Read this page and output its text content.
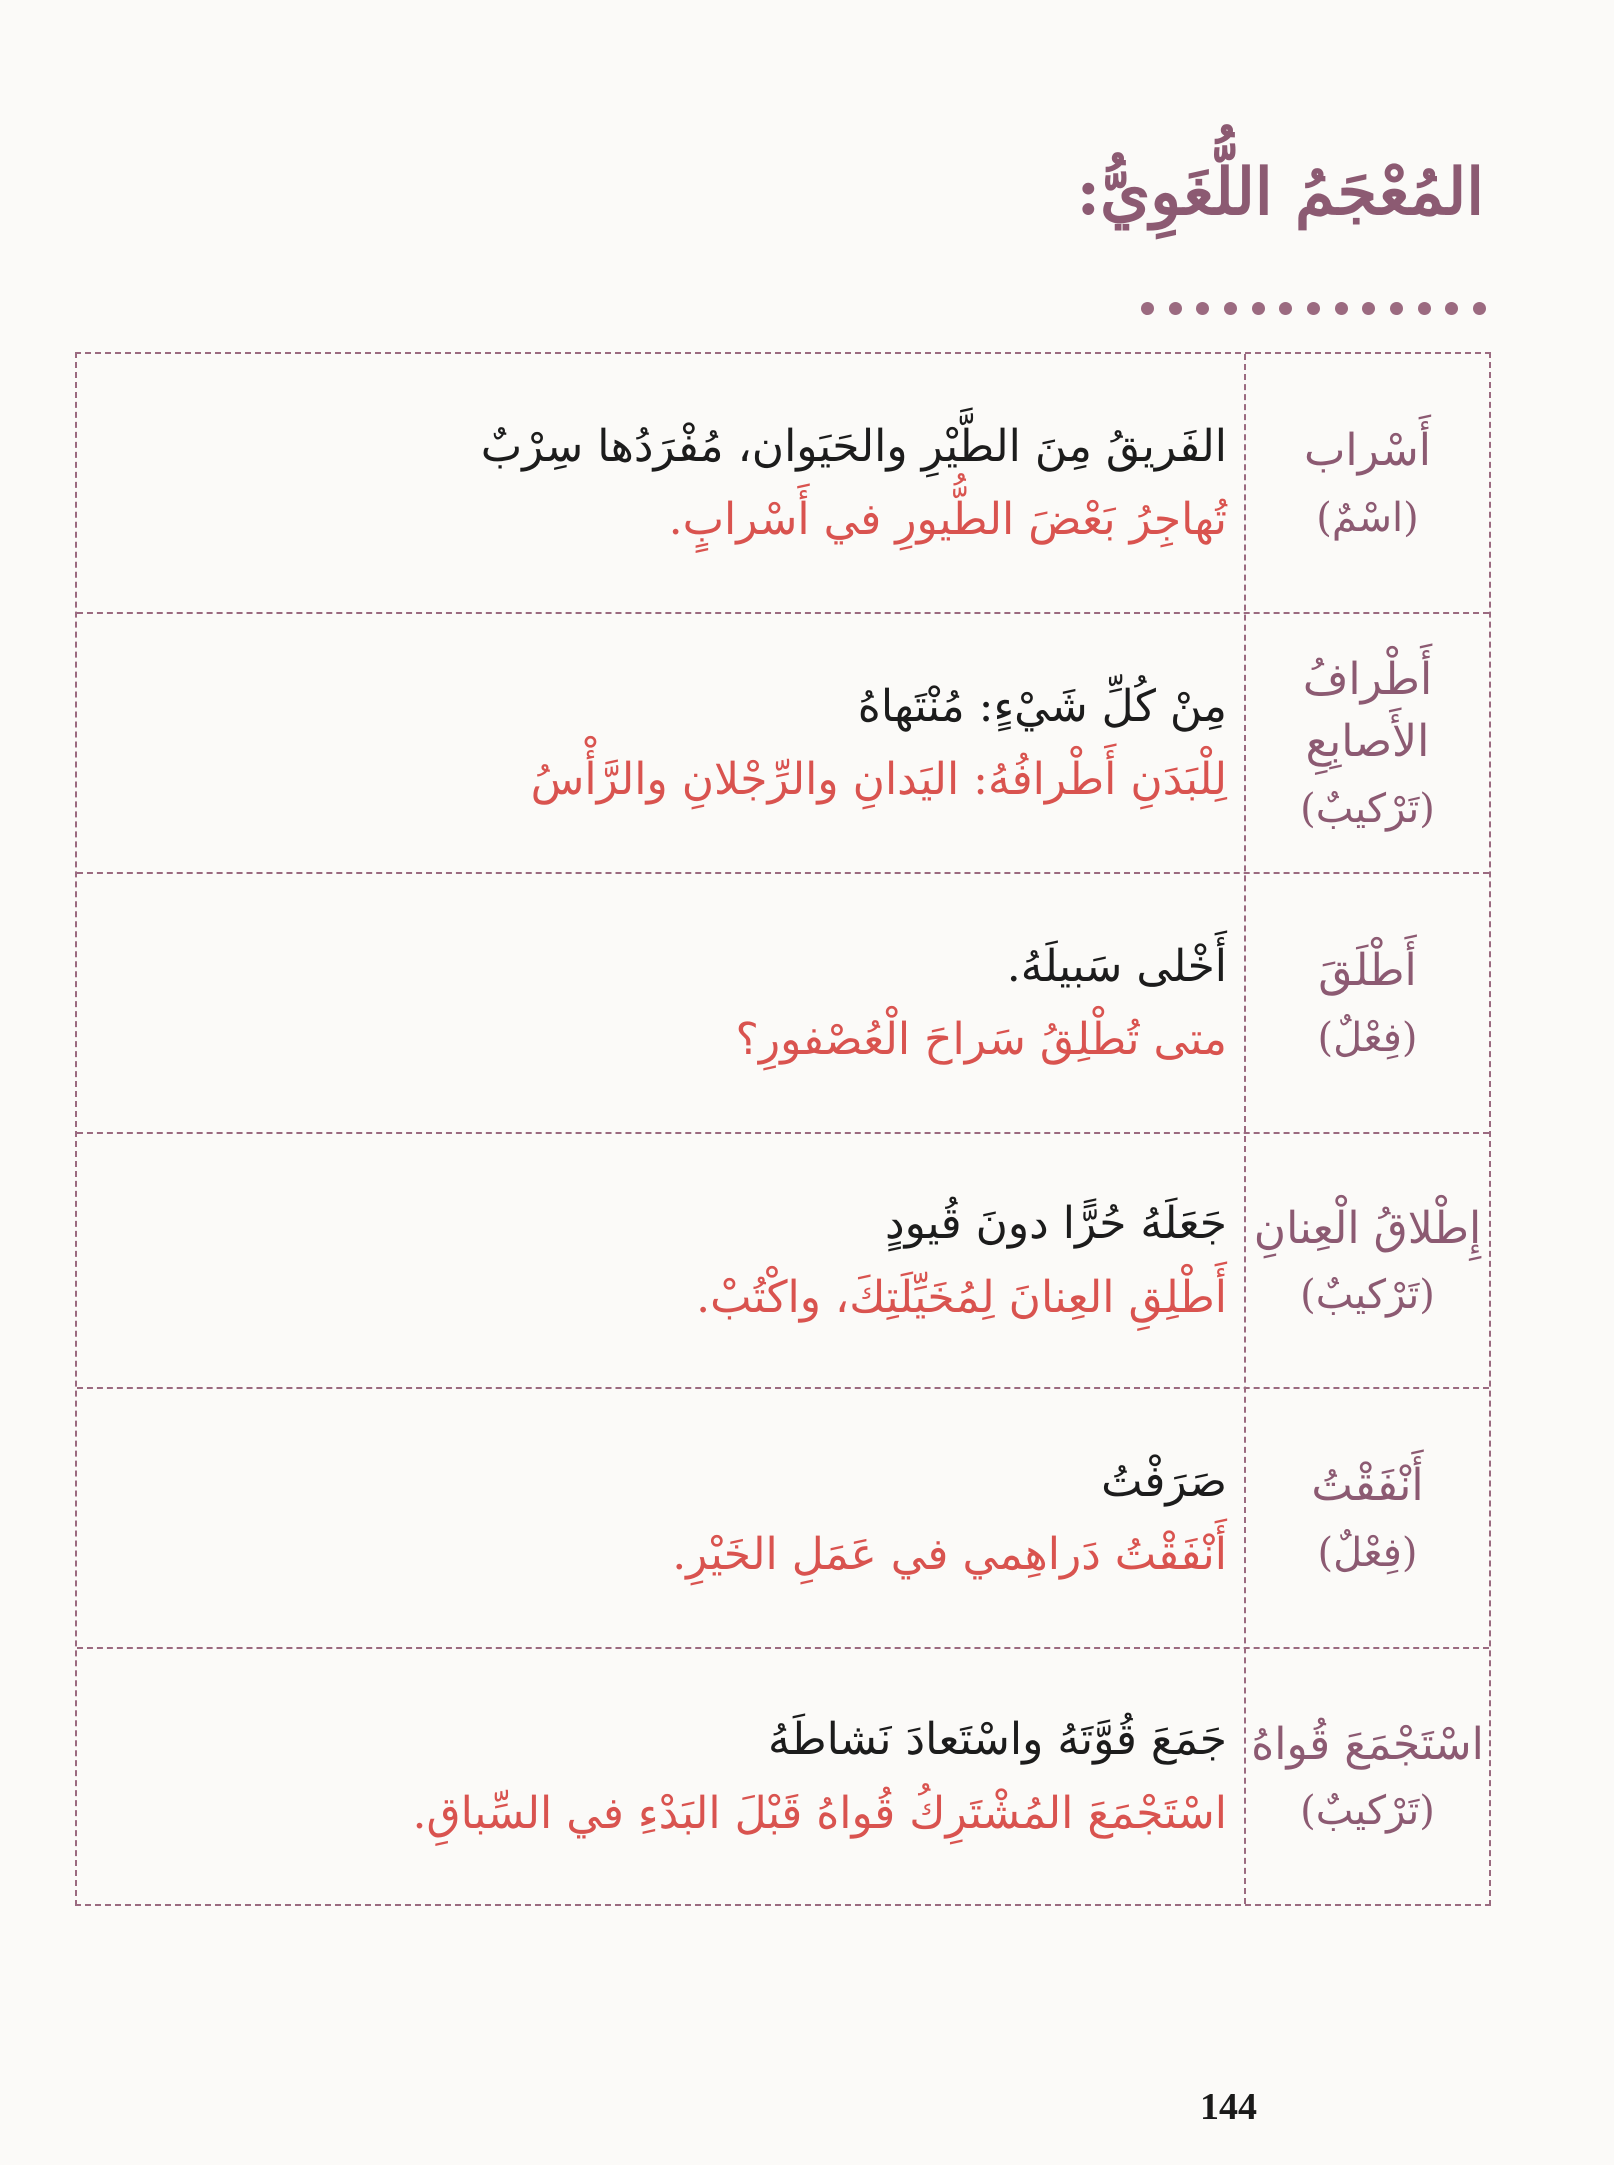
المُعْجَمُ اللُّغَوِيُّ:
أَسْراب
(اسْمٌ)
الفَريقُ مِنَ الطَّيْرِ والحَيَوان، مُفْرَدُها سِرْبٌ
تُهاجِرُ بَعْضَ الطُّيورِ في أَسْرابٍ.
أَطْرافُ الأَصابِعِ
(تَرْكيبٌ)
مِنْ كُلِّ شَيْءٍ: مُنْتَهاهُ
لِلْبَدَنِ أَطْرافُهُ: اليَدانِ والرِّجْلانِ والرَّأْسُ
أَطْلَقَ
(فِعْلٌ)
أَخْلى سَبيلَهُ.
متى تُطْلِقُ سَراحَ الْعُصْفورِ؟
إِطْلاقُ الْعِنانِ
(تَرْكيبٌ)
جَعَلَهُ حُرًّا دونَ قُيودٍ
أَطْلِقِ العِنانَ لِمُخَيِّلَتِكَ، واكْتُبْ.
أَنْفَقْتُ
(فِعْلٌ)
صَرَفْتُ
أَنْفَقْتُ دَراهِمي في عَمَلِ الخَيْرِ.
اسْتَجْمَعَ قُواهُ
(تَرْكيبٌ)
جَمَعَ قُوَّتَهُ واسْتَعادَ نَشاطَهُ
اسْتَجْمَعَ المُشْتَرِكُ قُواهُ قَبْلَ البَدْءِ في السِّباقِ.
144
